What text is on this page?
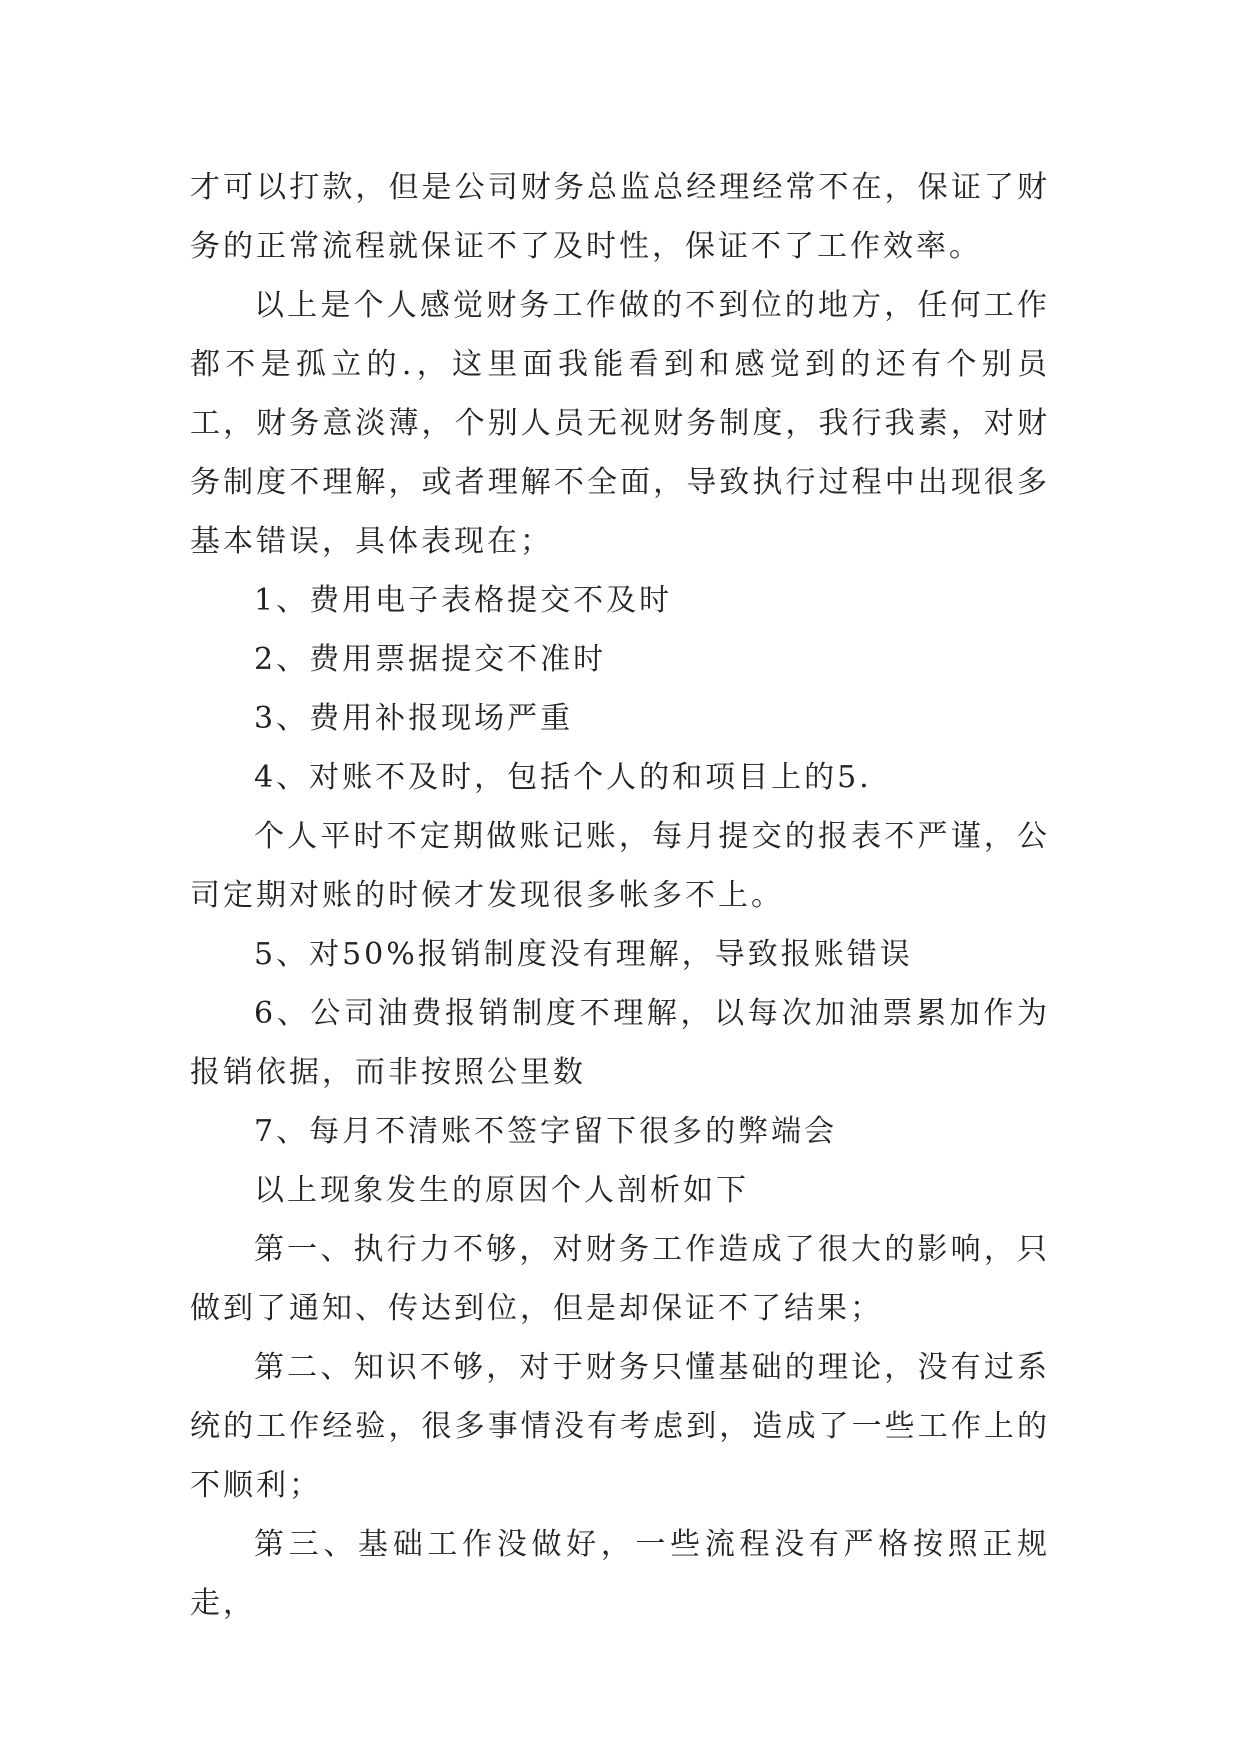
才可以打款，但是公司财务总监总经理经常不在，保证了财务的正常流程就保证不了及时性，保证不了工作效率。

以上是个人感觉财务工作做的不到位的地方，任何工作都不是孤立的.，这里面我能看到和感觉到的还有个别员工，财务意淡薄，个别人员无视财务制度，我行我素，对财务制度不理解，或者理解不全面，导致执行过程中出现很多基本错误，具体表现在；

1、费用电子表格提交不及时

2、费用票据提交不准时

3、费用补报现场严重

4、对账不及时，包括个人的和项目上的5.

个人平时不定期做账记账，每月提交的报表不严谨，公司定期对账的时候才发现很多帐多不上。

5、对50%报销制度没有理解，导致报账错误

6、公司油费报销制度不理解，以每次加油票累加作为报销依据，而非按照公里数

7、每月不清账不签字留下很多的弊端会

以上现象发生的原因个人剖析如下

第一、执行力不够，对财务工作造成了很大的影响，只做到了通知、传达到位，但是却保证不了结果；

第二、知识不够，对于财务只懂基础的理论，没有过系统的工作经验，很多事情没有考虑到，造成了一些工作上的不顺利；

第三、基础工作没做好，一些流程没有严格按照正规走，
